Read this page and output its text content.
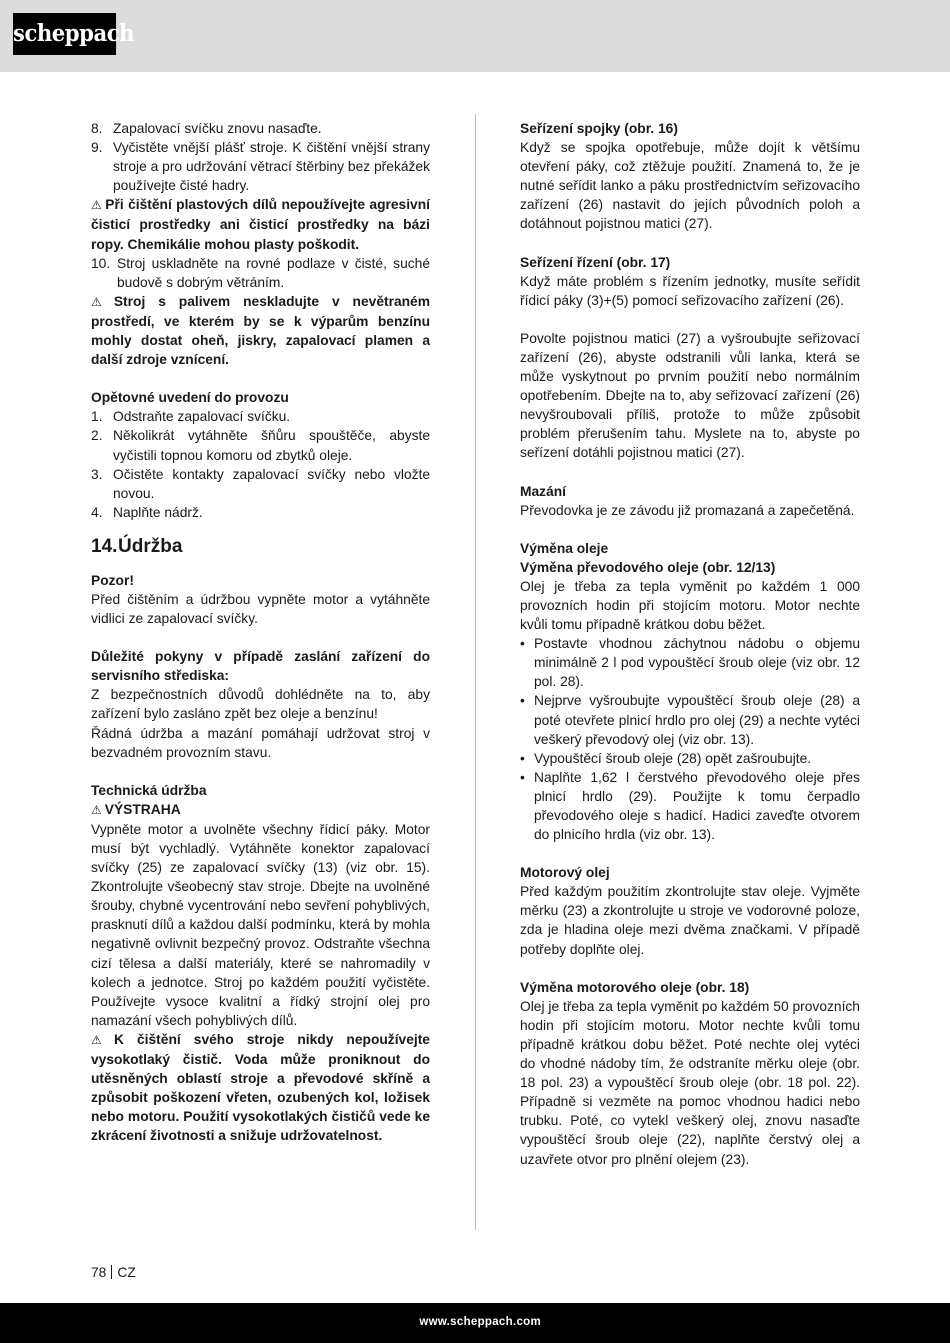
scheppach
8. Zapalovací svíčku znovu nasaďte.
9. Vyčistěte vnější plášť stroje. K čištění vnější strany stroje a pro udržování větrací štěrbiny bez překážek používejte čisté hadry.

⚠ Při čištění plastových dílů nepoužívejte agresivní čisticí prostředky ani čisticí prostředky na bázi ropy. Chemikálie mohou plasty poškodit.

10. Stroj uskladněte na rovné podlaze v čisté, suché budově s dobrým větráním.

⚠ Stroj s palivem neskladujte v nevětraném prostředí, ve kterém by se k výparům benzínu mohly dostat oheň, jiskry, zapalovací plamen a další zdroje vznícení.

Opětovné uvedení do provozu

1. Odstraňte zapalovací svíčku.
2. Několikrát vytáhněte šňůru spouštěče, abyste vyčistili topnou komoru od zbytků oleje.
3. Očistěte kontakty zapalovací svíčky nebo vložte novou.
4. Naplňte nádrž.
14.Údržba

Pozor!

Před čištěním a údržbou vypněte motor a vytáhněte vidlici ze zapalovací svíčky.

Důležité pokyny v případě zaslání zařízení do servisního střediska:

Z bezpečnostních důvodů dohlédněte na to, aby zařízení bylo zasláno zpět bez oleje a benzínu!

Řádná údržba a mazání pomáhají udržovat stroj v bezvadném provozním stavu.

Technická údržba

⚠ VÝSTRAHA

Vypněte motor a uvolněte všechny řídicí páky. Motor musí být vychladlý. Vytáhněte konektor zapalovací svíčky (25) ze zapalovací svíčky (13) (viz obr. 15). Zkontrolujte všeobecný stav stroje. Dbejte na uvolněné šrouby, chybné vycentrování nebo sevření pohyblivých, prasknutí dílů a každou další podmínku, která by mohla negativně ovlivnit bezpečný provoz. Odstraňte všechna cizí tělesa a další materiály, které se nahromadily v kolech a jednotce. Stroj po každém použití vyčistěte. Používejte vysoce kvalitní a řídký strojní olej pro namazání všech pohyblivých dílů.

⚠ K čištění svého stroje nikdy nepoužívejte vysokotlaký čistič. Voda může proniknout do utěsněných oblastí stroje a převodové skříně a způsobit poškození vřeten, ozubených kol, ložisek nebo motoru. Použití vysokotlakých čističů vede ke zkrácení životnosti a snižuje udržovatelnost.

Seřízení spojky (obr. 16)

Když se spojka opotřebuje, může dojít k většímu otevření páky, což ztěžuje použití. Znamená to, že je nutné seřídit lanko a páku prostřednictvím seřizovacího zařízení (26) nastavit do jejích původních poloh a dotáhnout pojistnou matici (27).

Seřízení řízení (obr. 17)

Když máte problém s řízením jednotky, musíte seřídit řídicí páky (3)+(5) pomocí seřizovacího zařízení (26).

Povolte pojistnou matici (27) a vyšroubujte seřizovací zařízení (26), abyste odstranili vůli lanka, která se může vyskytnout po prvním použití nebo normálním opotřebením. Dbejte na to, aby seřizovací zařízení (26) nevyšroubovali příliš, protože to může způsobit problém přerušením tahu. Myslete na to, abyste po seřízení dotáhli pojistnou matici (27).

Mazání

Převodovka je ze závodu již promazaná a zapečetěná.

Výměna oleje

Výměna převodového oleje (obr. 12/13)

Olej je třeba za tepla vyměnit po každém 1 000 provozních hodin při stojícím motoru. Motor nechte kvůli tomu případně krátkou dobu běžet.

• Postavte vhodnou záchytnou nádobu o objemu minimálně 2 l pod vypouštěcí šroub oleje (viz obr. 12 pol. 28).
• Nejprve vyšroubujte vypouštěcí šroub oleje (28) a poté otevřete plnicí hrdlo pro olej (29) a nechte vytéci veškerý převodový olej (viz obr. 13).
• Vypouštěcí šroub oleje (28) opět zašroubujte.
• Naplňte 1,62 l čerstvého převodového oleje přes plnicí hrdlo (29). Použijte k tomu čerpadlo převodového oleje s hadicí. Hadici zaveďte otvorem do plnicího hrdla (viz obr. 13).

Motorový olej

Před každým použitím zkontrolujte stav oleje. Vyjměte měrku (23) a zkontrolujte u stroje ve vodorovné poloze, zda je hladina oleje mezi dvěma značkami. V případě potřeby doplňte olej.

Výměna motorového oleje (obr. 18)

Olej je třeba za tepla vyměnit po každém 50 provozních hodin při stojícím motoru. Motor nechte kvůli tomu případně krátkou dobu běžet. Poté nechte olej vytéci do vhodné nádoby tím, že odstraníte měrku oleje (obr. 18 pol. 23) a vypouštěcí šroub oleje (obr. 18 pol. 22). Případně si vezměte na pomoc vhodnou hadici nebo trubku. Poté, co vytekl veškerý olej, znovu nasaďte vypouštěcí šroub oleje (22), naplňte čerstvý olej a uzavřete otvor pro plnění olejem (23).

78 CZ
www.scheppach.com
